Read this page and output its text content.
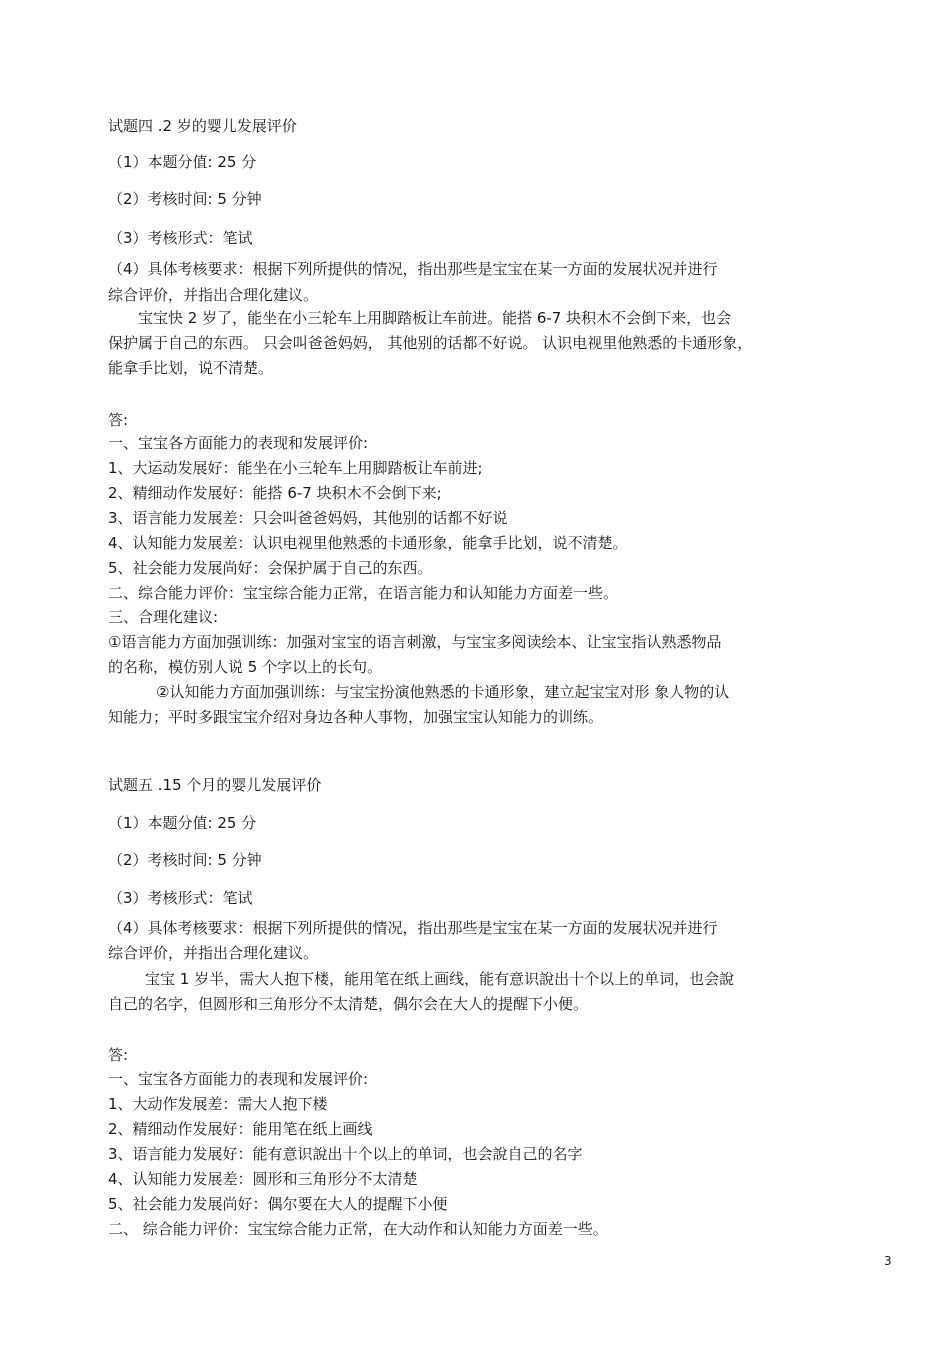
试题四 .2 岁的婴儿发展评价
（1）本题分值: 25 分
（2）考核时间: 5 分钟
（3）考核形式：笔试
（4）具体考核要求：根据下列所提供的情况，指出那些是宝宝在某一方面的发展状况并进行
综合评价，并指出合理化建议。
宝宝快 2 岁了，能坐在小三轮车上用脚踏板让车前进。能搭 6-7 块积木不会倒下来，也会
保护属于自己的东西。 只会叫爸爸妈妈， 其他别的话都不好说。 认识电视里他熟悉的卡通形象，
能拿手比划，说不清楚。
答:
一、宝宝各方面能力的表现和发展评价:
1、大运动发展好：能坐在小三轮车上用脚踏板让车前进;
2、精细动作发展好：能搭 6-7 块积木不会倒下来;
3、语言能力发展差：只会叫爸爸妈妈，其他别的话都不好说
4、认知能力发展差：认识电视里他熟悉的卡通形象，能拿手比划，说不清楚。
5、社会能力发展尚好：会保护属于自己的东西。
二、综合能力评价：宝宝综合能力正常，在语言能力和认知能力方面差一些。
三、合理化建议:
①语言能力方面加强训练：加强对宝宝的语言刺激，与宝宝多阅读绘本、让宝宝指认熟悉物品
的名称，模仿别人说 5 个字以上的长句。
②认知能力方面加强训练：与宝宝扮演他熟悉的卡通形象，建立起宝宝对形 象人物的认
知能力；平时多跟宝宝介绍对身边各种人事物，加强宝宝认知能力的训练。
试题五 .15 个月的婴儿发展评价
（1）本题分值: 25 分
（2）考核时间: 5 分钟
（3）考核形式：笔试
（4）具体考核要求：根据下列所提供的情况，指出那些是宝宝在某一方面的发展状况并进行
综合评价，并指出合理化建议。
宝宝 1 岁半，需大人抱下楼，能用笔在纸上画线，能有意识說出十个以上的单词，也会說
自己的名字，但圆形和三角形分不太清楚，偶尔会在大人的提醒下小便。
答:
一、宝宝各方面能力的表现和发展评价:
1、大动作发展差：需大人抱下楼
2、精细动作发展好：能用笔在纸上画线
3、语言能力发展好：能有意识說出十个以上的单词，也会說自己的名字
4、认知能力发展差：圆形和三角形分不太清楚
5、社会能力发展尚好：偶尔要在大人的提醒下小便
二、 综合能力评价：宝宝综合能力正常，在大动作和认知能力方面差一些。
3
